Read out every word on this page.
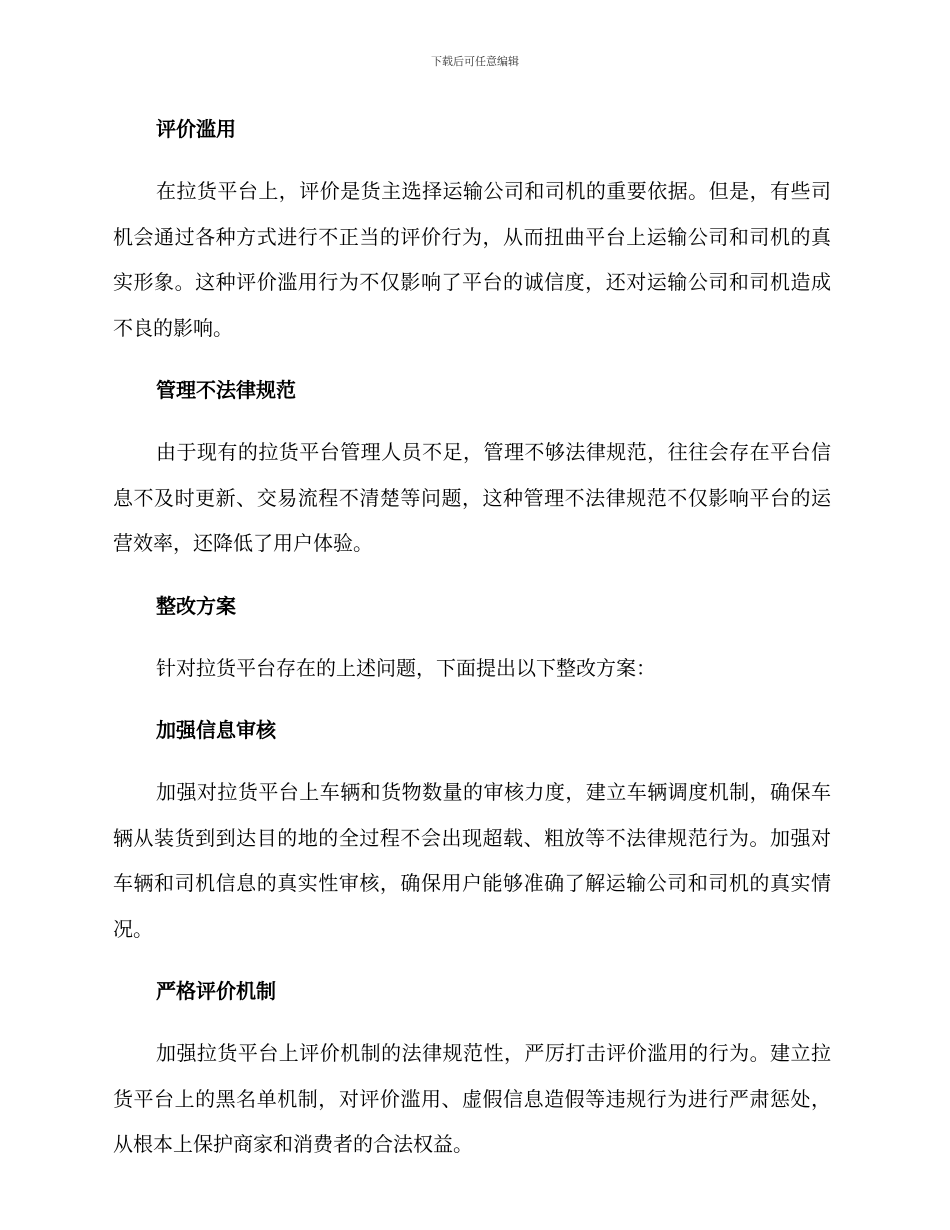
下载后可任意编辑
评价滥用

在拉货平台上，评价是货主选择运输公司和司机的重要依据。但是，有些司机会通过各种方式进行不正当的评价行为，从而扭曲平台上运输公司和司机的真实形象。这种评价滥用行为不仅影响了平台的诚信度，还对运输公司和司机造成不良的影响。

管理不法律规范

由于现有的拉货平台管理人员不足，管理不够法律规范，往往会存在平台信息不及时更新、交易流程不清楚等问题，这种管理不法律规范不仅影响平台的运营效率，还降低了用户体验。

整改方案

针对拉货平台存在的上述问题，下面提出以下整改方案：

加强信息审核

加强对拉货平台上车辆和货物数量的审核力度，建立车辆调度机制，确保车辆从装货到到达目的地的全过程不会出现超载、粗放等不法律规范行为。加强对车辆和司机信息的真实性审核，确保用户能够准确了解运输公司和司机的真实情况。

严格评价机制

加强拉货平台上评价机制的法律规范性，严厉打击评价滥用的行为。建立拉货平台上的黑名单机制，对评价滥用、虚假信息造假等违规行为进行严肃惩处，从根本上保护商家和消费者的合法权益。
